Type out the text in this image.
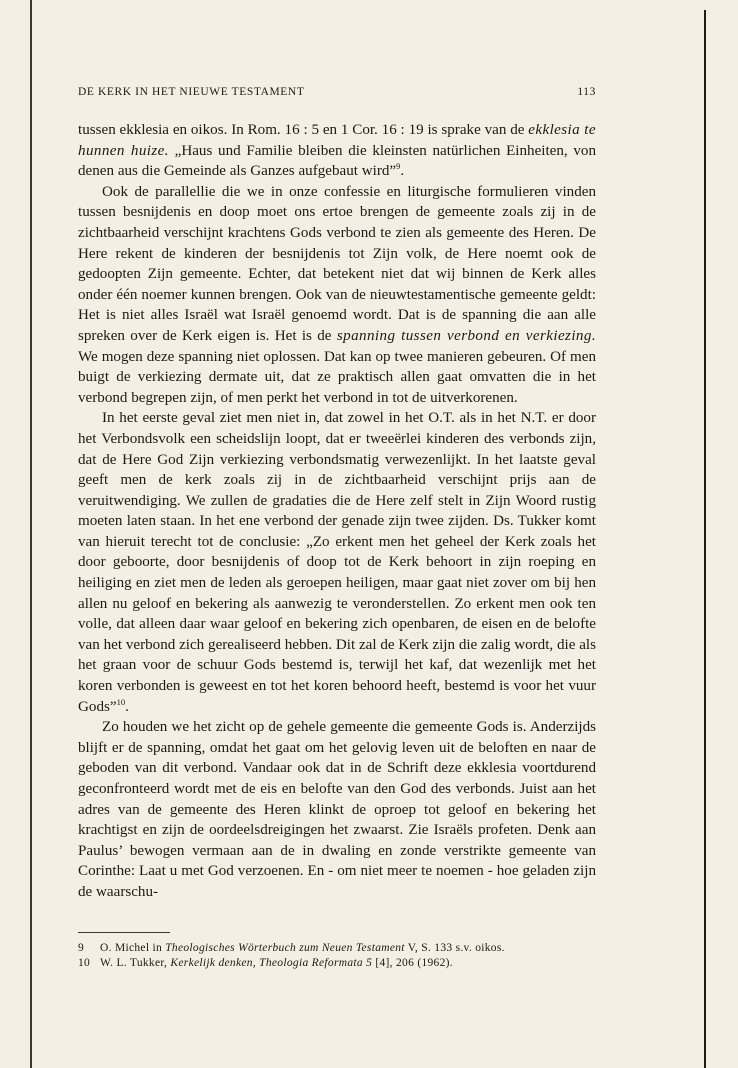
DE KERK IN HET NIEUWE TESTAMENT	113

tussen ekklesia en oikos. In Rom. 16 : 5 en 1 Cor. 16 : 19 is sprake van de ekklesia te hunnen huize. „Haus und Familie bleiben die kleinsten natürlichen Einheiten, von denen aus die Gemeinde als Ganzes aufgebaut wird”$^9$.

Ook de parallellie die we in onze confessie en liturgische formulieren vinden tussen besnijdenis en doop moet ons ertoe brengen de gemeente zoals zij in de zichtbaarheid verschijnt krachtens Gods verbond te zien als gemeente des Heren. De Here rekent de kinderen der besnijdenis tot Zijn volk, de Here noemt ook de gedoopten Zijn gemeente. Echter, dat betekent niet dat wij binnen de Kerk alles onder één noemer kunnen brengen. Ook van de nieuwtestamentische gemeente geldt: Het is niet alles Israël wat Israël genoemd wordt. Dat is de spanning die aan alle spreken over de Kerk eigen is. Het is de spanning tussen verbond en verkiezing. We mogen deze spanning niet oplossen. Dat kan op twee manieren gebeuren. Of men buigt de verkiezing dermate uit, dat ze praktisch allen gaat omvatten die in het verbond begrepen zijn, of men perkt het verbond in tot de uitverkorenen.

In het eerste geval ziet men niet in, dat zowel in het O.T. als in het N.T. er door het Verbondsvolk een scheidslijn loopt, dat er tweeërlei kinderen des verbonds zijn, dat de Here God Zijn verkiezing verbondsmatig verwezenlijkt. In het laatste geval geeft men de kerk zoals zij in de zichtbaarheid verschijnt prijs aan de veruitwendiging. We zullen de gradaties die de Here zelf stelt in Zijn Woord rustig moeten laten staan. In het ene verbond der genade zijn twee zijden. Ds. Tukker komt van hieruit terecht tot de conclusie: „Zo erkent men het geheel der Kerk zoals het door geboorte, door besnijdenis of doop tot de Kerk behoort in zijn roeping en heiliging en ziet men de leden als geroepen heiligen, maar gaat niet zover om bij hen allen nu geloof en bekering als aanwezig te veronderstellen. Zo erkent men ook ten volle, dat alleen daar waar geloof en bekering zich openbaren, de eisen en de belofte van het verbond zich gerealiseerd hebben. Dit zal de Kerk zijn die zalig wordt, die als het graan voor de schuur Gods bestemd is, terwijl het kaf, dat wezenlijk met het koren verbonden is geweest en tot het koren behoord heeft, bestemd is voor het vuur Gods”$^{10}$.

Zo houden we het zicht op de gehele gemeente die gemeente Gods is. Anderzijds blijft er de spanning, omdat het gaat om het gelovig leven uit de beloften en naar de geboden van dit verbond. Vandaar ook dat in de Schrift deze ekklesia voortdurend geconfronteerd wordt met de eis en belofte van den God des verbonds. Juist aan het adres van de gemeente des Heren klinkt de oproep tot geloof en bekering het krachtigst en zijn de oordeelsdreigingen het zwaarst. Zie Israëls profeten. Denk aan Paulus’ bewogen vermaan aan de in dwaling en zonde verstrikte gemeente van Corinthe: Laat u met God verzoenen. En - om niet meer te noemen - hoe geladen zijn de waarschu-

9	O. Michel in Theologisches Wörterbuch zum Neuen Testament V, S. 133 s.v. oikos.
10 W. L. Tukker, Kerkelijk denken, Theologia Reformata 5 [4], 206 (1962).
